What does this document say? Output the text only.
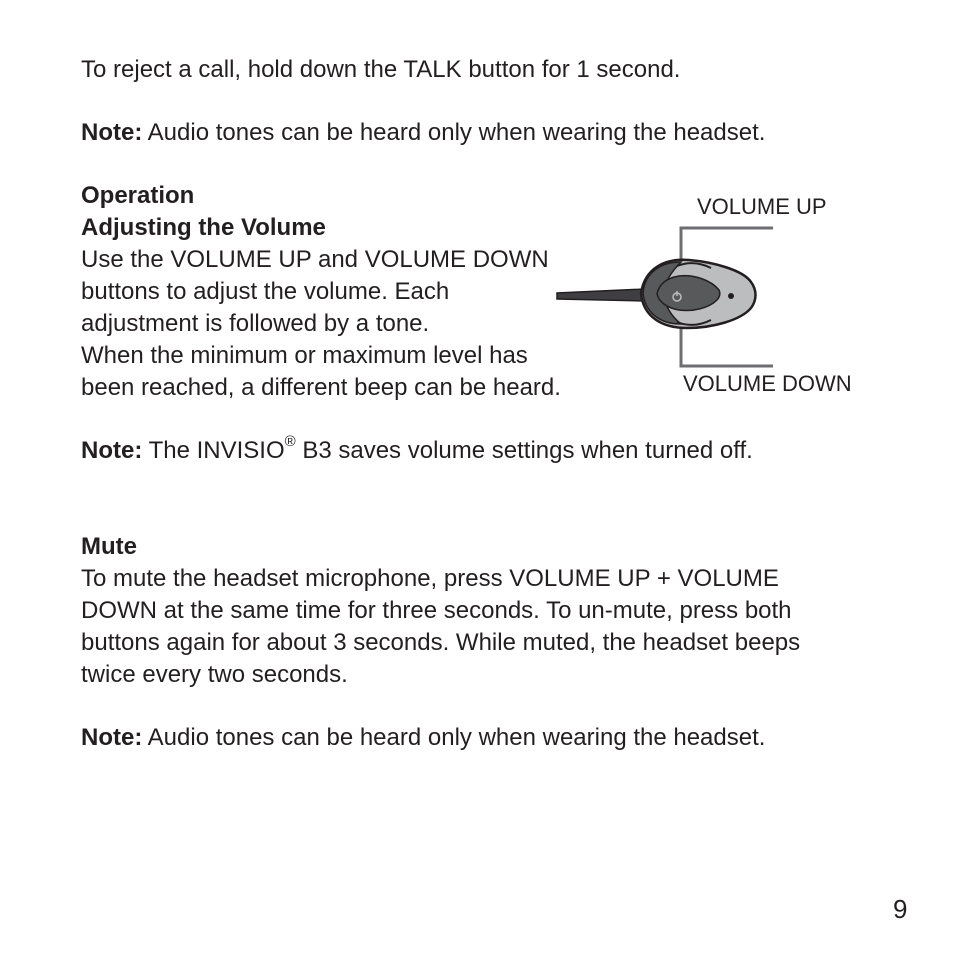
To reject a call, hold down the TALK button for 1 second.
Note: Audio tones can be heard only when wearing the headset.
Operation
Adjusting the Volume
Use the VOLUME UP and VOLUME DOWN
buttons to adjust the volume. Each
adjustment is followed by a tone.
When the minimum or maximum level has
been reached, a different beep can be heard.
VOLUME UP
VOLUME DOWN
Note: The INVISIO® B3 saves volume settings when turned off.
Mute
To mute the headset microphone, press VOLUME UP + VOLUME
DOWN at the same time for three seconds. To un-mute, press both
buttons again for about 3 seconds. While muted, the headset beeps
twice every two seconds.
Note: Audio tones can be heard only when wearing the headset.
9
